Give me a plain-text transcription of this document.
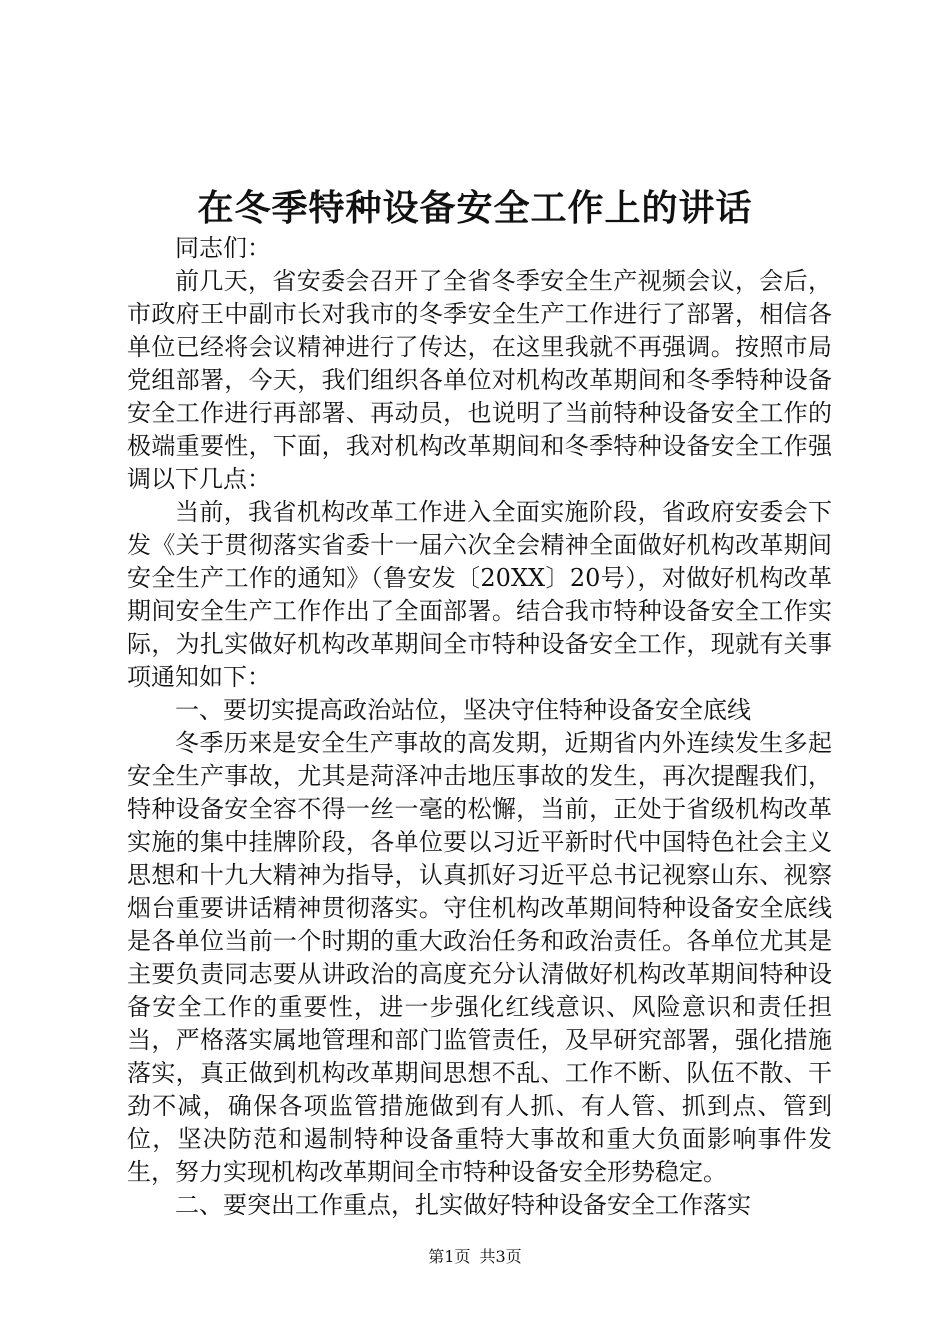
在冬季特种设备安全工作上的讲话

同志们：

前几天，省安委会召开了全省冬季安全生产视频会议，会后，市政府王中副市长对我市的冬季安全生产工作进行了部署，相信各单位已经将会议精神进行了传达，在这里我就不再强调。按照市局党组部署，今天，我们组织各单位对机构改革期间和冬季特种设备安全工作进行再部署、再动员，也说明了当前特种设备安全工作的极端重要性，下面，我对机构改革期间和冬季特种设备安全工作强调以下几点：

当前，我省机构改革工作进入全面实施阶段，省政府安委会下发《关于贯彻落实省委十一届六次全会精神全面做好机构改革期间安全生产工作的通知》（鲁安发〔20XX〕20号），对做好机构改革期间安全生产工作作出了全面部署。结合我市特种设备安全工作实际，为扎实做好机构改革期间全市特种设备安全工作，现就有关事项通知如下：

一、要切实提高政治站位，坚决守住特种设备安全底线

冬季历来是安全生产事故的高发期，近期省内外连续发生多起安全生产事故，尤其是菏泽冲击地压事故的发生，再次提醒我们，特种设备安全容不得一丝一毫的松懈，当前，正处于省级机构改革实施的集中挂牌阶段，各单位要以习近平新时代中国特色社会主义思想和十九大精神为指导，认真抓好习近平总书记视察山东、视察烟台重要讲话精神贯彻落实。守住机构改革期间特种设备安全底线是各单位当前一个时期的重大政治任务和政治责任。各单位尤其是主要负责同志要从讲政治的高度充分认清做好机构改革期间特种设备安全工作的重要性，进一步强化红线意识、风险意识和责任担当，严格落实属地管理和部门监管责任，及早研究部署，强化措施落实，真正做到机构改革期间思想不乱、工作不断、队伍不散、干劲不减，确保各项监管措施做到有人抓、有人管、抓到点、管到位，坚决防范和遏制特种设备重特大事故和重大负面影响事件发生，努力实现机构改革期间全市特种设备安全形势稳定。

二、要突出工作重点，扎实做好特种设备安全工作落实

第1页 共3页
